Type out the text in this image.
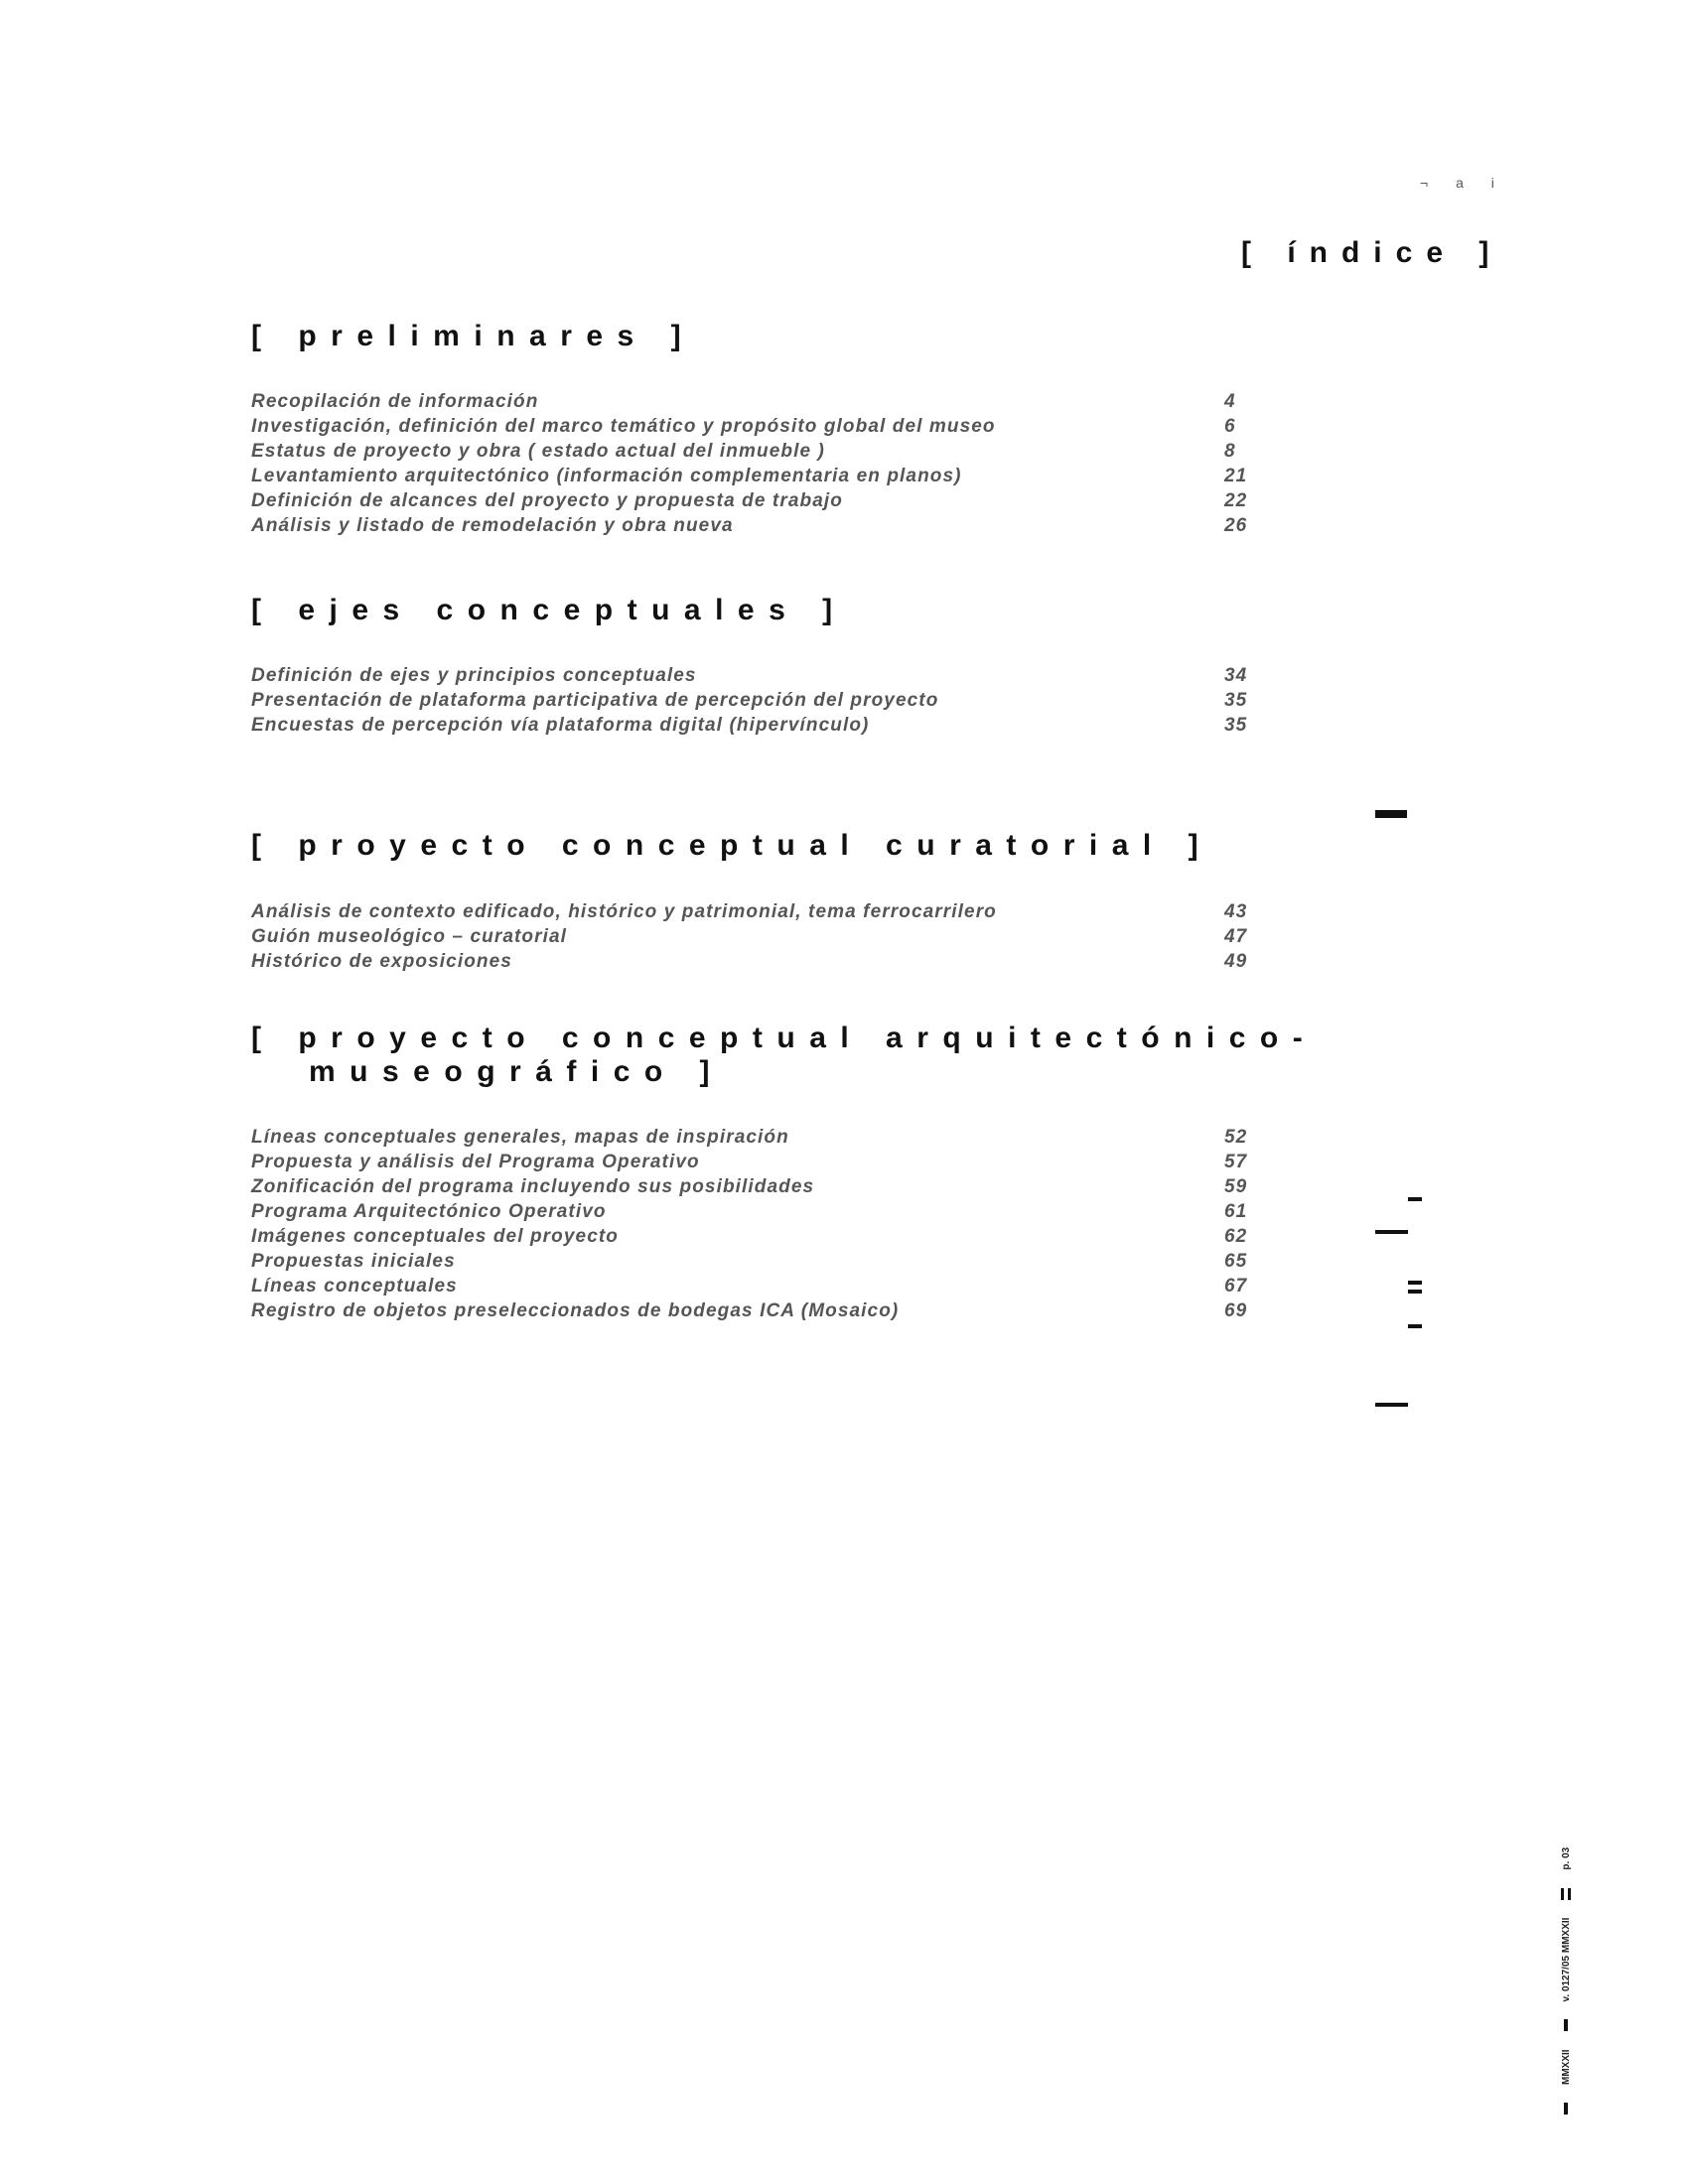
¬ a i
[ índice ]
[ preliminares ]
Recopilación de información	4
Investigación, definición del marco temático y propósito global del museo	6
Estatus de proyecto y obra ( estado actual del inmueble )	8
Levantamiento arquitectónico (información complementaria en planos)	21
Definición de alcances del proyecto y propuesta de trabajo	22
Análisis y listado de remodelación y obra nueva	26
[ ejes conceptuales ]
Definición de ejes y principios conceptuales	34
Presentación de plataforma participativa de percepción del proyecto	35
Encuestas de percepción vía plataforma digital (hipervínculo)	35
[ proyecto conceptual curatorial ]
Análisis de contexto edificado, histórico y patrimonial, tema ferrocarrilero	43
Guión museológico – curatorial	47
Histórico de exposiciones	49
[ proyecto conceptual arquitectónico-
museográfico ]
Líneas conceptuales generales, mapas de inspiración	52
Propuesta y análisis del Programa Operativo	57
Zonificación del programa incluyendo sus posibilidades	59
Programa Arquitectónico Operativo	61
Imágenes conceptuales del proyecto	62
Propuestas iniciales	65
Líneas conceptuales	67
Registro de objetos preseleccionados de bodegas ICA (Mosaico)	69
MMXXII
v. 0127/05 MMXXII
p. 03
